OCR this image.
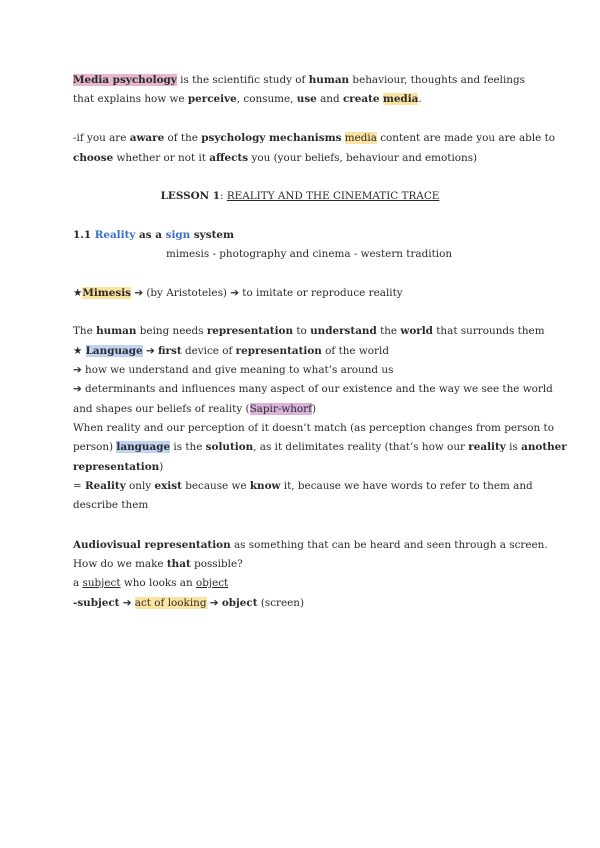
Media psychology is the scientific study of human behaviour, thoughts and feelings
that explains how we perceive, consume, use and create media.
-if you are aware of the psychology mechanisms media content are made you are able to
choose whether or not it affects you (your beliefs, behaviour and emotions)
LESSON 1: REALITY AND THE CINEMATIC TRACE
1.1 Reality as a sign system
mimesis - photography and cinema - western tradition
★Mimesis ➔ (by Aristoteles) ➔ to imitate or reproduce reality
The human being needs representation to understand the world that surrounds them
★ Language ➔ first device of representation of the world
➔ how we understand and give meaning to what’s around us
➔ determinants and influences many aspect of our existence and the way we see the world
and shapes our beliefs of reality (Sapir-whorf)
When reality and our perception of it doesn’t match (as perception changes from person to
person) language is the solution, as it delimitates reality (that’s how our reality is another
representation)
= Reality only exist because we know it, because we have words to refer to them and
describe them
Audiovisual representation as something that can be heard and seen through a screen.
How do we make that possible?
a subject who looks an object
-subject ➔ act of looking ➔ object (screen)
